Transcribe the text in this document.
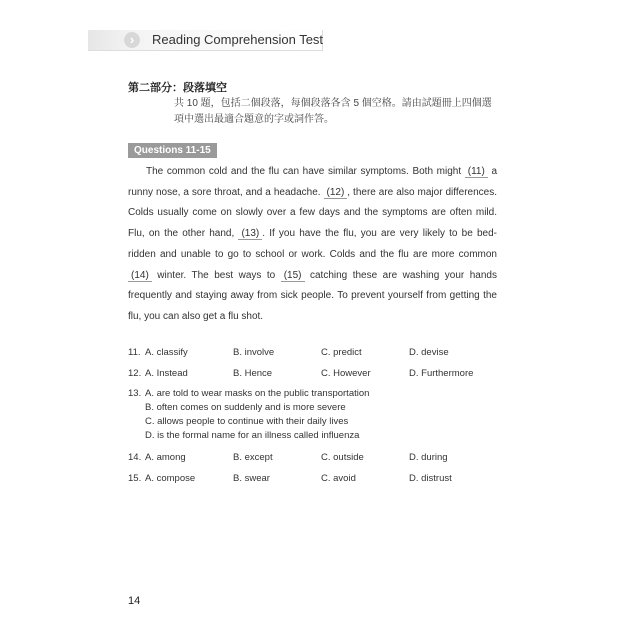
›	Reading Comprehension Test
第二部分：段落填空
共 10 題，包括二個段落，每個段落各含 5 個空格。請由試題冊上四個選項中選出最適合題意的字或詞作答。
Questions 11-15
The common cold and the flu can have similar symptoms. Both might (11) a runny nose, a sore throat, and a headache. (12) , there are also major differences. Colds usually come on slowly over a few days and the symptoms are often mild. Flu, on the other hand, (13) . If you have the flu, you are very likely to be bed-ridden and unable to go to school or work. Colds and the flu are more common (14) winter. The best ways to (15) catching these are washing your hands frequently and staying away from sick people. To prevent yourself from getting the flu, you can also get a flu shot.
11. A. classify	B. involve	C. predict	D. devise
12. A. Instead	B. Hence	C. However	D. Furthermore
13. A. are told to wear masks on the public transportation
B. often comes on suddenly and is more severe
C. allows people to continue with their daily lives
D. is the formal name for an illness called influenza
14. A. among	B. except	C. outside	D. during
15. A. compose	B. swear	C. avoid	D. distrust
14
